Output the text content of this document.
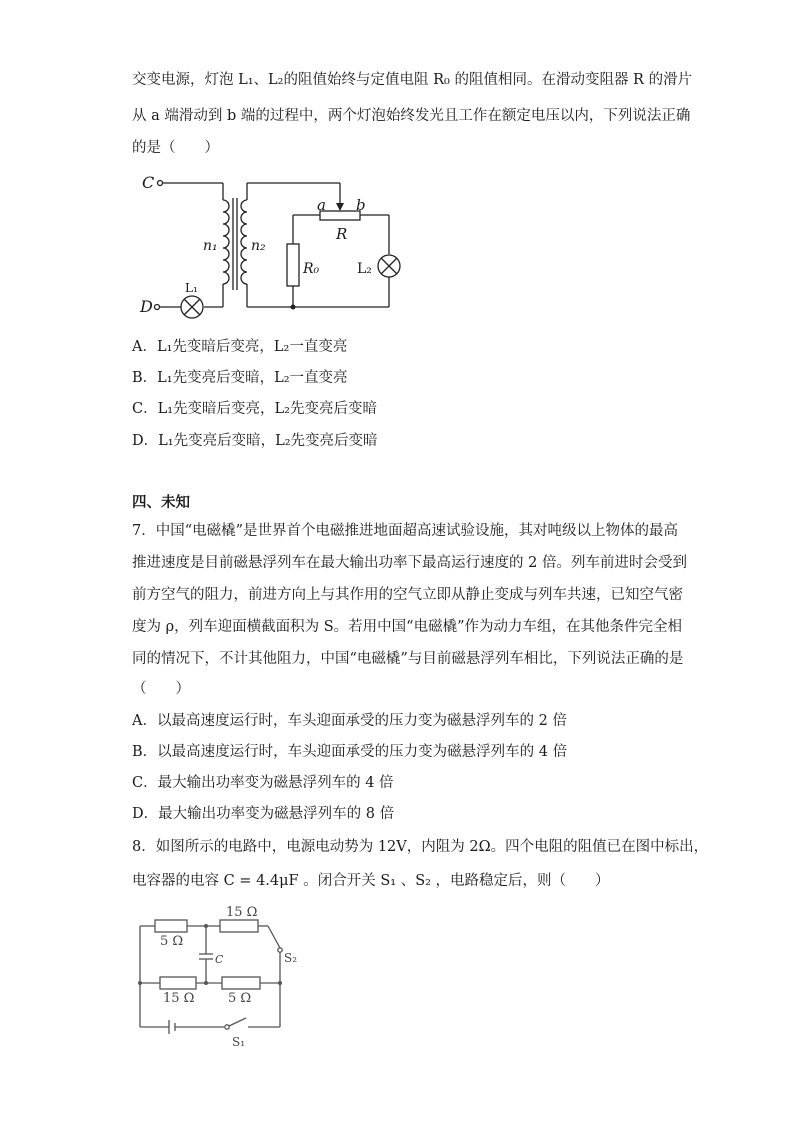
交变电源，灯泡 L₁、L₂的阻值始终与定值电阻 R₀ 的阻值相同。在滑动变阻器 R 的滑片
从 a 端滑动到 b 端的过程中，两个灯泡始终发光且工作在额定电压以内，下列说法正确
的是（　　）
C
D
n₁ n₂
a b
R
R₀	L₂
L₁
A．L₁先变暗后变亮，L₂一直变亮
B．L₁先变亮后变暗，L₂一直变亮
C．L₁先变暗后变亮，L₂先变亮后变暗
D．L₁先变亮后变暗，L₂先变亮后变暗
四、未知
7．中国“电磁橇”是世界首个电磁推进地面超高速试验设施，其对吨级以上物体的最高
推进速度是目前磁悬浮列车在最大输出功率下最高运行速度的 2 倍。列车前进时会受到
前方空气的阻力，前进方向上与其作用的空气立即从静止变成与列车共速，已知空气密
度为 ρ，列车迎面横截面积为 S。若用中国“电磁橇”作为动力车组，在其他条件完全相
同的情况下，不计其他阻力，中国“电磁橇”与目前磁悬浮列车相比，下列说法正确的是
（　　）
A．以最高速度运行时，车头迎面承受的压力变为磁悬浮列车的 2 倍
B．以最高速度运行时，车头迎面承受的压力变为磁悬浮列车的 4 倍
C．最大输出功率变为磁悬浮列车的 4 倍
D．最大输出功率变为磁悬浮列车的 8 倍
8．如图所示的电路中，电源电动势为 12V，内阻为 2Ω。四个电阻的阻值已在图中标出，
电容器的电容 C = 4.4μF 。闭合开关 S₁ 、S₂ ，电路稳定后，则（　　）
15 Ω
5 Ω
15 Ω	5 Ω
C	S₂
S₁
